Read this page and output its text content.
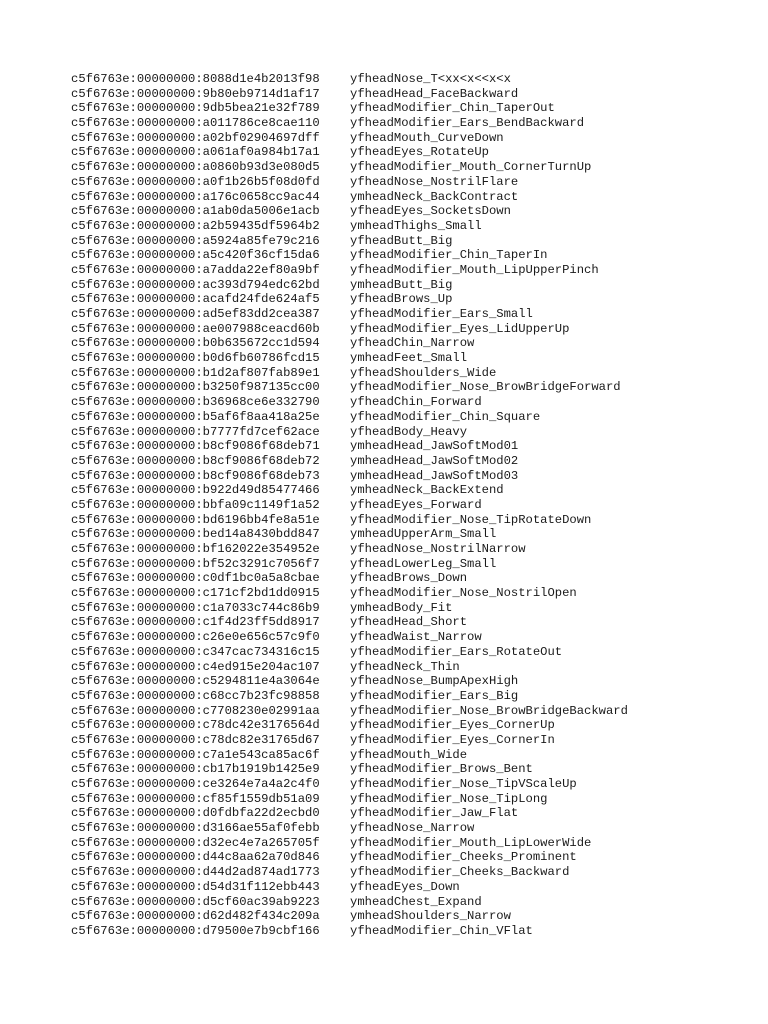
c5f6763e:00000000:8088d1e4b2013f98	yfheadNose_T<xx<x<<x<x
c5f6763e:00000000:9b80eb9714d1af17	yfheadHead_FaceBackward
c5f6763e:00000000:9db5bea21e32f789	yfheadModifier_Chin_TaperOut
c5f6763e:00000000:a011786ce8cae110	yfheadModifier_Ears_BendBackward
c5f6763e:00000000:a02bf02904697dff	yfheadMouth_CurveDown
c5f6763e:00000000:a061af0a984b17a1	yfheadEyes_RotateUp
c5f6763e:00000000:a0860b93d3e080d5	yfheadModifier_Mouth_CornerTurnUp
c5f6763e:00000000:a0f1b26b5f08d0fd	yfheadNose_NostrilFlare
c5f6763e:00000000:a176c0658cc9ac44	ymheadNeck_BackContract
c5f6763e:00000000:a1ab0da5006e1acb	yfheadEyes_SocketsDown
c5f6763e:00000000:a2b59435df5964b2	ymheadThighs_Small
c5f6763e:00000000:a5924a85fe79c216	yfheadButt_Big
c5f6763e:00000000:a5c420f36cf15da6	yfheadModifier_Chin_TaperIn
c5f6763e:00000000:a7adda22ef80a9bf	yfheadModifier_Mouth_LipUpperPinch
c5f6763e:00000000:ac393d794edc62bd	ymheadButt_Big
c5f6763e:00000000:acafd24fde624af5	yfheadBrows_Up
c5f6763e:00000000:ad5ef83dd2cea387	yfheadModifier_Ears_Small
c5f6763e:00000000:ae007988ceacd60b	yfheadModifier_Eyes_LidUpperUp
c5f6763e:00000000:b0b635672cc1d594	yfheadChin_Narrow
c5f6763e:00000000:b0d6fb60786fcd15	ymheadFeet_Small
c5f6763e:00000000:b1d2af807fab89e1	yfheadShoulders_Wide
c5f6763e:00000000:b3250f987135cc00	yfheadModifier_Nose_BrowBridgeForward
c5f6763e:00000000:b36968ce6e332790	yfheadChin_Forward
c5f6763e:00000000:b5af6f8aa418a25e	yfheadModifier_Chin_Square
c5f6763e:00000000:b7777fd7cef62ace	yfheadBody_Heavy
c5f6763e:00000000:b8cf9086f68deb71	ymheadHead_JawSoftMod01
c5f6763e:00000000:b8cf9086f68deb72	ymheadHead_JawSoftMod02
c5f6763e:00000000:b8cf9086f68deb73	ymheadHead_JawSoftMod03
c5f6763e:00000000:b922d49d85477466	ymheadNeck_BackExtend
c5f6763e:00000000:bbfa09c1149f1a52	yfheadEyes_Forward
c5f6763e:00000000:bd6196bb4fe8a51e	yfheadModifier_Nose_TipRotateDown
c5f6763e:00000000:bed14a8430bdd847	ymheadUpperArm_Small
c5f6763e:00000000:bf162022e354952e	yfheadNose_NostrilNarrow
c5f6763e:00000000:bf52c3291c7056f7	yfheadLowerLeg_Small
c5f6763e:00000000:c0df1bc0a5a8cbae	yfheadBrows_Down
c5f6763e:00000000:c171cf2bd1dd0915	yfheadModifier_Nose_NostrilOpen
c5f6763e:00000000:c1a7033c744c86b9	ymheadBody_Fit
c5f6763e:00000000:c1f4d23ff5dd8917	yfheadHead_Short
c5f6763e:00000000:c26e0e656c57c9f0	yfheadWaist_Narrow
c5f6763e:00000000:c347cac734316c15	yfheadModifier_Ears_RotateOut
c5f6763e:00000000:c4ed915e204ac107	yfheadNeck_Thin
c5f6763e:00000000:c5294811e4a3064e	yfheadNose_BumpApexHigh
c5f6763e:00000000:c68cc7b23fc98858	yfheadModifier_Ears_Big
c5f6763e:00000000:c7708230e02991aa	yfheadModifier_Nose_BrowBridgeBackward
c5f6763e:00000000:c78dc42e3176564d	yfheadModifier_Eyes_CornerUp
c5f6763e:00000000:c78dc82e31765d67	yfheadModifier_Eyes_CornerIn
c5f6763e:00000000:c7a1e543ca85ac6f	yfheadMouth_Wide
c5f6763e:00000000:cb17b1919b1425e9	yfheadModifier_Brows_Bent
c5f6763e:00000000:ce3264e7a4a2c4f0	yfheadModifier_Nose_TipVScaleUp
c5f6763e:00000000:cf85f1559db51a09	yfheadModifier_Nose_TipLong
c5f6763e:00000000:d0fdbfa22d2ecbd0	yfheadModifier_Jaw_Flat
c5f6763e:00000000:d3166ae55af0febb	yfheadNose_Narrow
c5f6763e:00000000:d32ec4e7a265705f	yfheadModifier_Mouth_LipLowerWide
c5f6763e:00000000:d44c8aa62a70d846	yfheadModifier_Cheeks_Prominent
c5f6763e:00000000:d44d2ad874ad1773	yfheadModifier_Cheeks_Backward
c5f6763e:00000000:d54d31f112ebb443	yfheadEyes_Down
c5f6763e:00000000:d5cf60ac39ab9223	ymheadChest_Expand
c5f6763e:00000000:d62d482f434c209a	ymheadShoulders_Narrow
c5f6763e:00000000:d79500e7b9cbf166	yfheadModifier_Chin_VFlat
